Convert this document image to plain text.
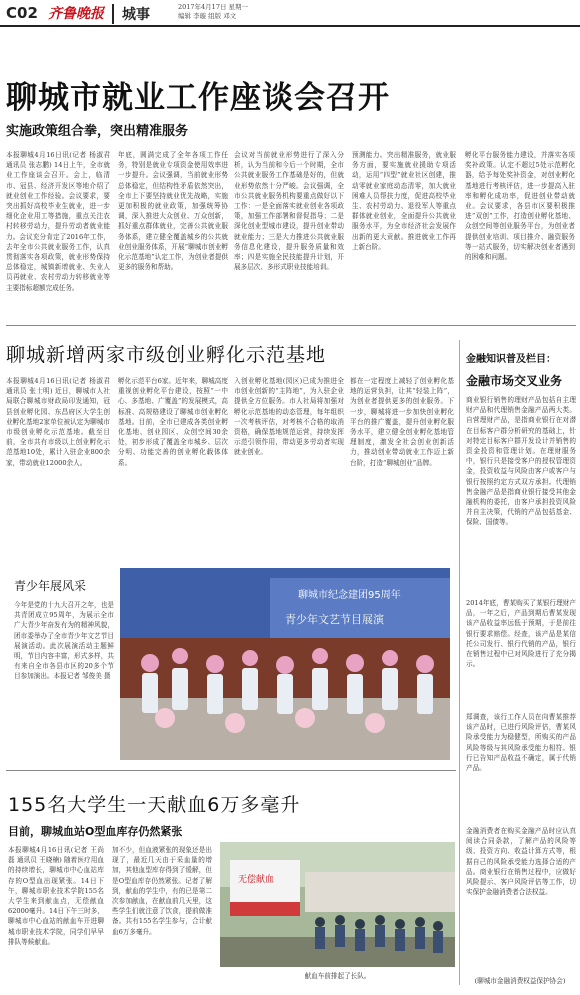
C02 齐鲁晚报	城事	2017年4月17日 星期一
编辑 李璇 组版 邓文
聊城市就业工作座谈会召开
实施政策组合拳，突出精准服务
本报聊城4月16日讯(记者 杨淑君 通讯员 张志鹏) 14日上午，全市就业工作座谈会召开。会上，临清市、冠县、经济开发区等地介绍了就业创业工作经验。会议要求，要突出抓好高校毕业生就业，进一步细化企业用工等措施，重点关注农村转移劳动力，提升劳动者就业能力。会议充分肯定了2016年工作，去年全市公共就业服务工作，认真贯彻落实各项政策，就业形势保持总体稳定，城镇新增就业、失业人员再就业、农村劳动力转移就业等主要指标超额完成任务。
年底，圆满完成了全年各项工作任务，特别是就业专项资金使用效率进一步提升。会议强调，当前就业形势总体稳定，但结构性矛盾依然突出，全市上下要坚持就业优先战略，实施更加积极的就业政策，加强统筹协调，深入推进大众创业、万众创新，抓好重点群体就业，完善公共就业服务体系，建立健全覆盖城乡的公共就业创业服务体系，开展“聊城市创业孵化示范基地”认定工作，为创业者提供更多的服务和帮助。
会议对当前就业形势进行了深入分析，认为当前和今后一个时期，全市公共就业服务工作基础是好的，但就业形势依然十分严峻。会议强调，全市公共就业服务机构要重点做好以下工作：一是全面落实就业创业各项政策，加强工作部署和督促指导；二是深化创业型城市建设，提升创业带动就业能力；三是大力推进公共就业服务信息化建设，提升服务质量和效率；四是实施全民技能提升计划，开展多层次、多形式职业技能培训。
预测能力。突出精准服务，就业服务方面，要实施就业援助专项活动，运用“四型”就业社区创建，推动零就业家庭动态清零，加大就业困难人员帮扶力度，促进高校毕业生、农村劳动力、退役军人等重点群体就业创业，全面提升公共就业服务水平，为全市经济社会发展作出新的更大贡献。推进就业工作再上新台阶。
孵化平台服务能力建设，并落实各项奖补政策。认定不超过5处示范孵化器，给予每处奖补资金，对创业孵化基地进行考核评估，进一步提高入驻率和孵化成功率，促进创业带动就业。会议要求，各县市区要积极推进“双创”工作，打造创业孵化基地、众创空间等创业服务平台，为创业者提供创业培训、项目推介、融资服务等一站式服务，切实解决创业者遇到的困难和问题。
聊城新增两家市级创业孵化示范基地
本报聊城4月16日讯(记者 杨淑君 通讯员 张士明) 近日，聊城市人社局联合聊城市财政局印发通知，冠县创业孵化园、东昌府区大学生创业孵化基地2家单位被认定为聊城市市级创业孵化示范基地。截至目前，全市共有市级以上创业孵化示范基地10处，累计入驻企业800余家，带动就业12000余人。
孵化示范平台6家。近年来，聊城高度重视创业孵化平台建设，按照“一中心、多基地、广覆盖”的发展模式，高标准、高规格建设了聊城市创业孵化基地。目前，全市已建成各类创业孵化基地、创业园区、众创空间30余处，初步形成了覆盖全市城乡、层次分明、功能完善的创业孵化载体体系。
入创业孵化基地(园区)已成为推进全市创业创新的“主阵地”，为入驻企业提供全方位服务。市人社局将加强对孵化示范基地的动态管理，每年组织一次考核评估，对考核不合格的取消资格，确保基地规范运营，持续发挥示范引领作用，带动更多劳动者实现就业创业。
都在一定程度上减轻了创业孵化基地的运营负担，让其“轻装上阵”，为创业者提供更多的创业服务。下一步，聊城将进一步加快创业孵化平台的推广覆盖，提升创业孵化服务水平，建立健全创业孵化基地管理制度，激发全社会创业创新活力，推动创业带动就业工作迈上新台阶，打造“聊城创业”品牌。
青少年展风采
今年是党的十九大召开之年，也是共青团成立95周年，为展示全市广大青少年奋发有为的精神风貌，团市委举办了全市青少年文艺节目展演活动。此次展演活动主题鲜明，节目内容丰富，形式多样，共有来自全市各县市区的20多个节目参加演出。本报记者 邹俊美 摄
聊城市纪念建团95周年
青少年文艺节目展演
155名大学生一天献血6万多毫升
目前，聊城血站O型血库存仍然紧张
本报聊城4月16日讯(记者 王尚磊 通讯员 王晓楠) 随着医疗用血的持续增长，聊城市中心血站库存的O型血出现紧张。14日下午，聊城市职业技术学院155名大学生来到献血点，无偿献血62000毫升。14日下午三时多，聊城市中心血站的献血车开进聊城市职业技术学院，同学们早早排队等候献血。
加不少，但血液紧张的现象还是出现了，最近几天由于采血量的增加，其他血型库存得到了缓解，但是O型血库存仍然紧张。记者了解到，献血的学生中，有的已是第二次参加献血，在献血前几天里，这些学生们就注意了饮食，提前做准备。共有155名学生参与，合计献血6万多毫升。
无偿献血
献血车前排起了长队。
金融知识普及栏目：
金融市场交叉业务
商业银行销售的理财产品包括自主理财产品和代理销售金融产品两大类。自营理财产品，是指商业银行在对潜在目标客户群分析研究的基础上，针对特定目标客户群开发设计并销售的资金投资和管理计划。在理财服务中，银行只是接受客户的授权管理资金，投资收益与风险由客户或客户与银行按照约定方式双方承担。代理销售金融产品是指商业银行接受其他金融机构的委托，由客户承担投资风险并自主决策，代销的产品包括基金、保险、国债等。
2014年底，曹某购买了某银行理财产品，一年之后，产品到期后曹某发现该产品收益率远低于预期，于是前往银行要求赔偿。经查，该产品是某信托公司发行、银行代销的产品，银行在销售过程中已对风险进行了充分揭示。
郑调查，该行工作人员在向曹某推荐该产品时，已进行风险评估，曹某风险承受能力为稳健型，所购买的产品风险等级与其风险承受能力相符。银行已告知产品收益不确定，属于代销产品。
金融消费者在购买金融产品时应认真阅读合同条款，了解产品的风险等级、投资方向、收益计算方式等，根据自己的风险承受能力选择合适的产品。商业银行在销售过程中，应做好风险提示、客户风险评估等工作，切实保护金融消费者合法权益。
(聊城市金融消费权益保护协会)
